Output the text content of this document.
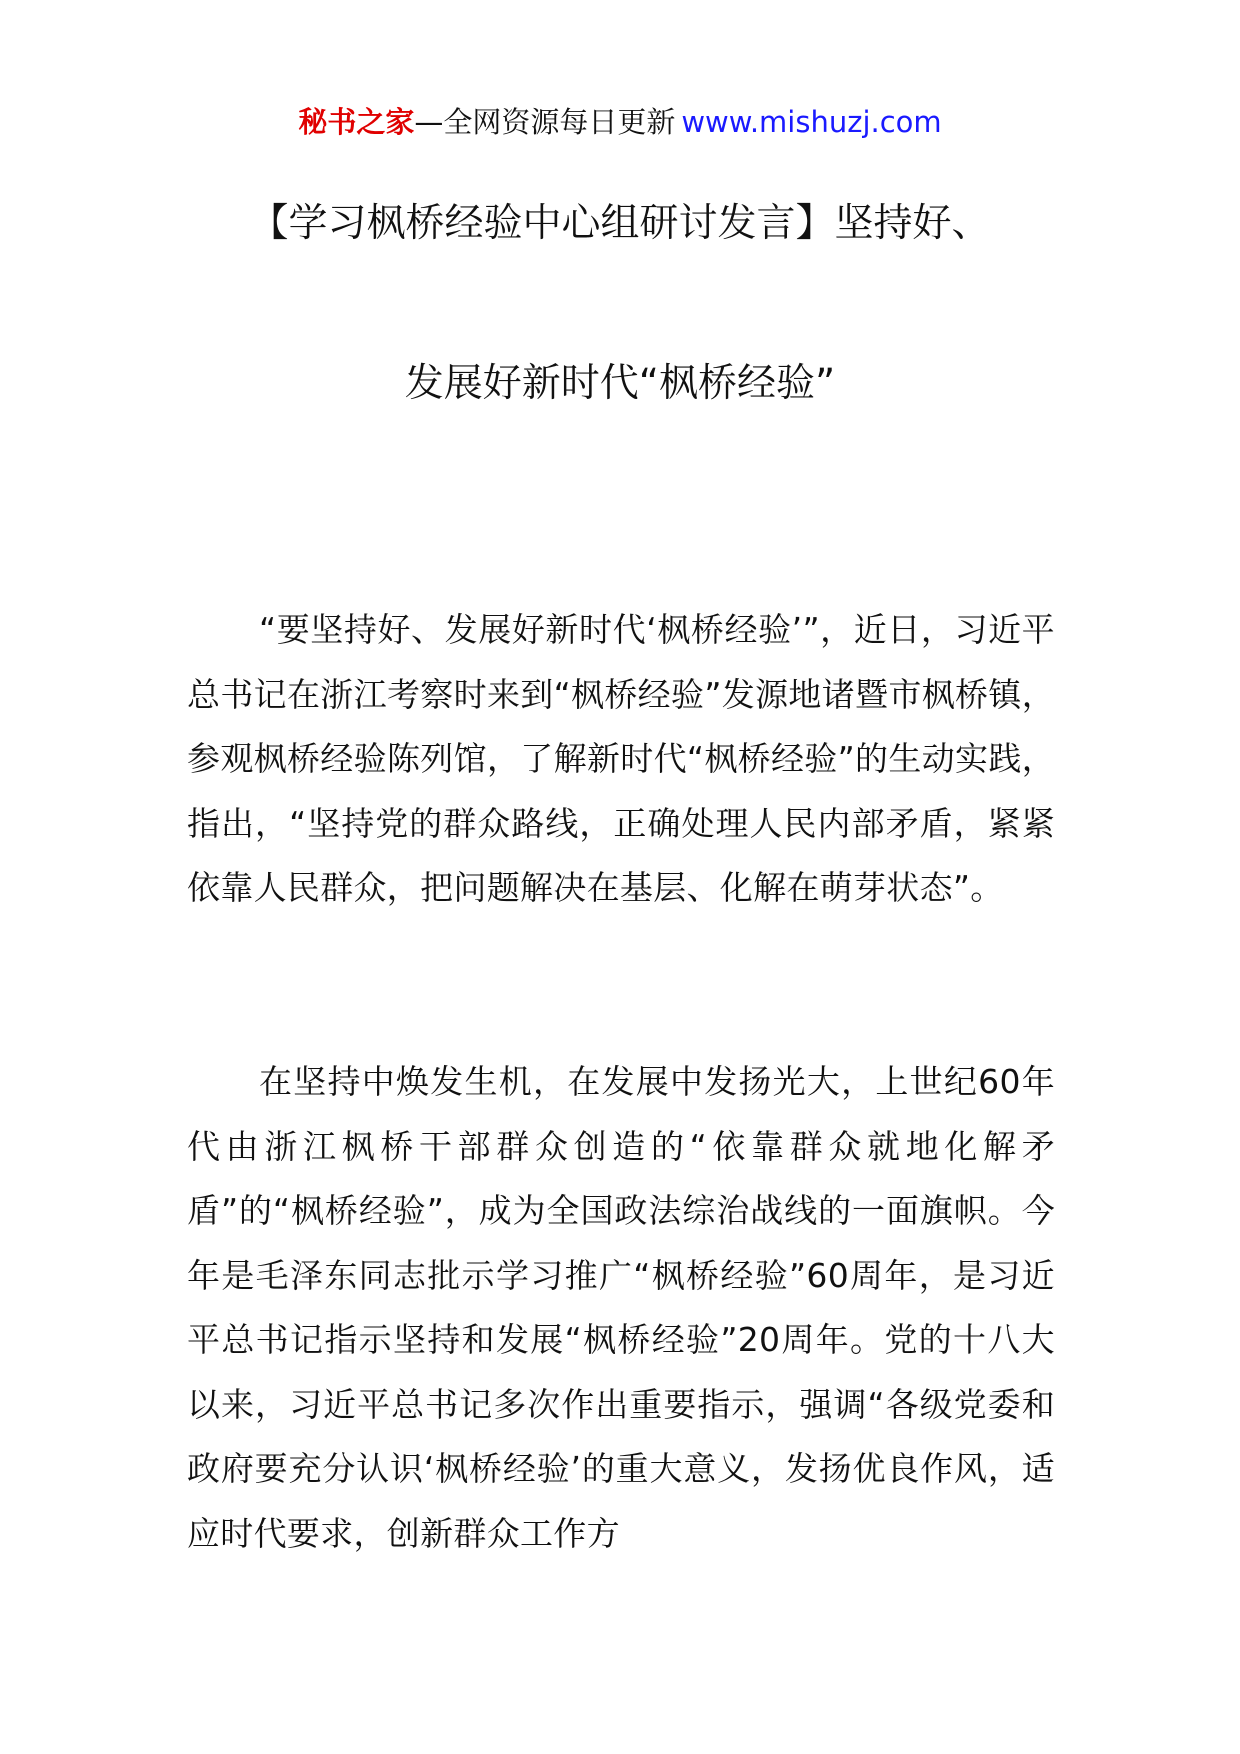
秘书之家—全网资源每日更新 www.mishuzj.com
【学习枫桥经验中心组研讨发言】坚持好、
发展好新时代“枫桥经验”

“要坚持好、发展好新时代‘枫桥经验’”，近日，习近平总书记在浙江考察时来到“枫桥经验”发源地诸暨市枫桥镇，参观枫桥经验陈列馆，了解新时代“枫桥经验”的生动实践，指出，“坚持党的群众路线，正确处理人民内部矛盾，紧紧依靠人民群众，把问题解决在基层、化解在萌芽状态”。

在坚持中焕发生机，在发展中发扬光大，上世纪60年代由浙江枫桥干部群众创造的“依靠群众就地化解矛盾”的“枫桥经验”，成为全国政法综治战线的一面旗帜。今年是毛泽东同志批示学习推广“枫桥经验”60周年，是习近平总书记指示坚持和发展“枫桥经验”20周年。党的十八大以来，习近平总书记多次作出重要指示，强调“各级党委和政府要充分认识‘枫桥经验’的重大意义，发扬优良作风，适应时代要求，创新群众工作方
